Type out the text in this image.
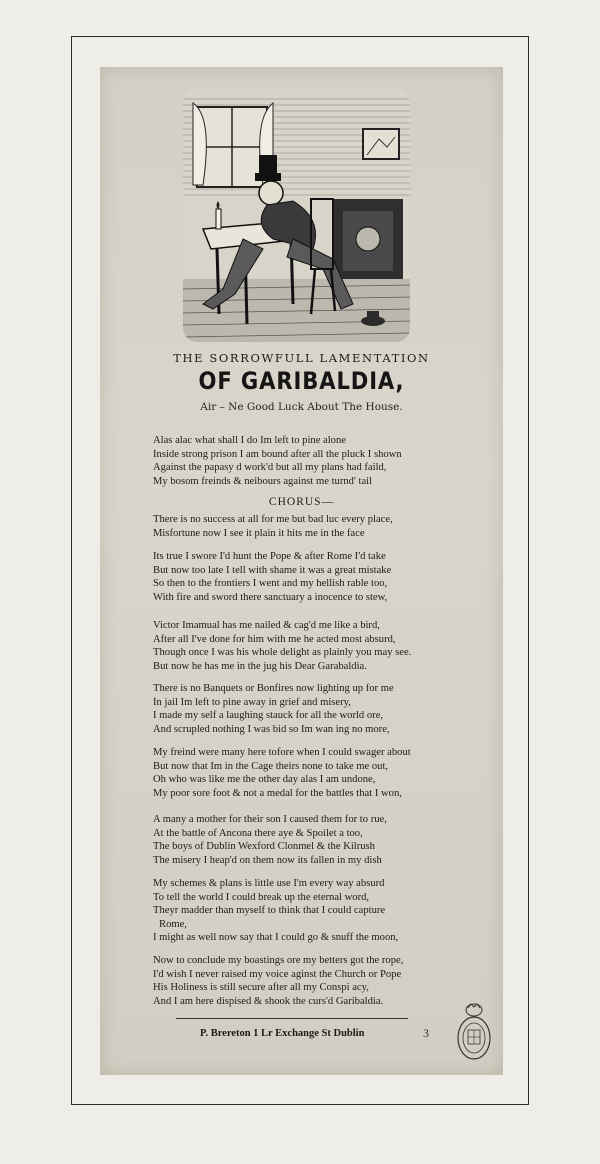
THE SORROWFULL LAMENTATION
OF GARIBALDIA,
Air – Ne Good Luck About The House.
Alas alac what shall I do Im left to pine alone
Inside strong prison I am bound after all the pluck I shown
Against the papasy d work'd but all my plans had faild,
My bosom freinds & neibours against me turnd' tail
CHORUS—
There is no success at all for me but bad luc every place,
Misfortune now I see it plain it hits me in the face
Its true I swore I'd hunt the Pope & after Rome I'd take
But now too late I tell with shame it was a great mistake
So then to the frontiers I went and my hellish rable too,
With fire and sword there sanctuary a inocence to stew,
Victor Imamual has me nailed & cag'd me like a bird,
After all I've done for him with me he acted most absurd,
Though once I was his whole delight as plainly you may see.
But now he has me in the jug his Dear Garabaldia.
There is no Banquets or Bonfires now lighting up for me
In jail Im left to pine away in grief and misery,
I made my self a laughing stauck for all the world ore,
And scrupled nothing I was bid so Im wan ing no more,
My freind were many here tofore when I could swager about
But now that Im in the Cage theirs none to take me out,
Oh who was like me the other day alas I am undone,
My poor sore foot & not a medal for the battles that I won,
A many a mother for their son I caused them for to rue,
At the battle of Ancona there aye & Spoilet a too,
The boys of Dublin Wexford Clonmel & the Kilrush
The misery I heap'd on them now its fallen in my dish
My schemes & plans is little use I'm every way absurd
To tell the world I could break up the eternal word,
Theyr madder than myself to think that I could capture
Rome,
I might as well now say that I could go & snuff the moon,
Now to conclude my boastings ore my betters got the rope,
I'd wish I never raised my voice aginst the Church or Pope
His Holiness is still secure after all my Conspi acy,
And I am here dispised & shook the curs'd Garibaldia.
P. Brereton 1 Lr Exchange St Dublin	3
